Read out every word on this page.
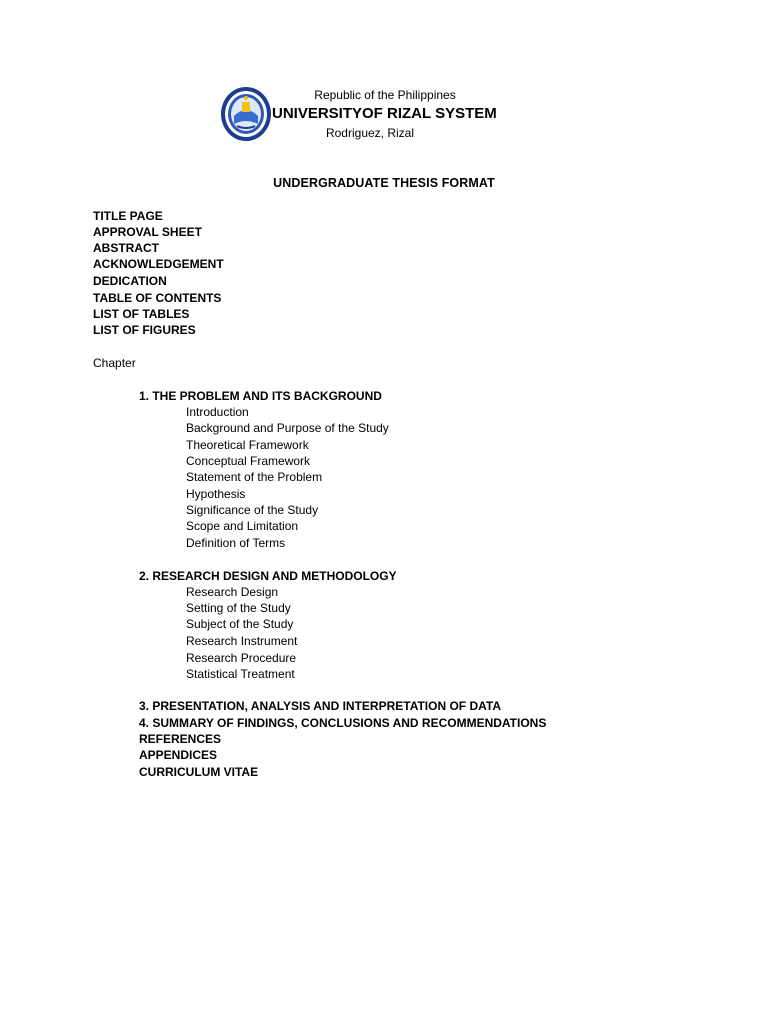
Republic of the Philippines
UNIVERSITYOF RIZAL SYSTEM
Rodriguez, Rizal
UNDERGRADUATE THESIS FORMAT
TITLE PAGE
APPROVAL SHEET
ABSTRACT
ACKNOWLEDGEMENT
DEDICATION
TABLE OF CONTENTS
LIST OF TABLES
LIST OF FIGURES
Chapter
1. THE PROBLEM AND ITS BACKGROUND
Introduction
Background and Purpose of the Study
Theoretical Framework
Conceptual Framework
Statement of the Problem
Hypothesis
Significance of the Study
Scope and Limitation
Definition of Terms
2. RESEARCH DESIGN AND METHODOLOGY
Research Design
Setting of the Study
Subject of the Study
Research Instrument
Research Procedure
Statistical Treatment
3. PRESENTATION, ANALYSIS AND INTERPRETATION OF DATA
4. SUMMARY OF FINDINGS, CONCLUSIONS AND RECOMMENDATIONS
REFERENCES
APPENDICES
CURRICULUM VITAE
